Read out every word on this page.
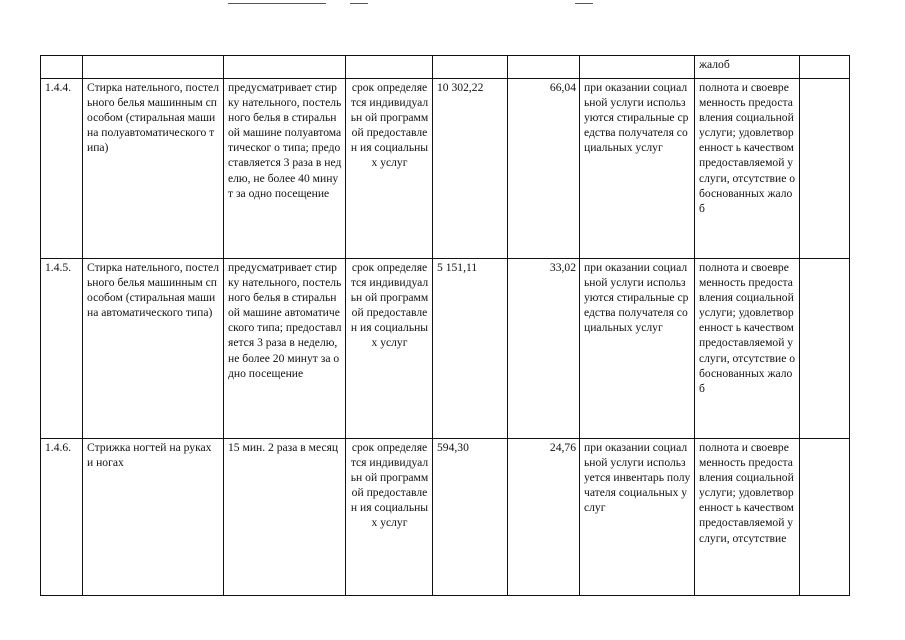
							жалоб	
1.4.4.	Стирка нательного, постельного белья машинным способом (стиральная машина полуавтоматического типа)	предусматривает стирку нательного, постельного белья в стиральной машине полуавтоматическог о типа; предоставляется 3 раза в неделю, не более 40 минут за одно посещение	срок определяется индивидуальн ой программой предоставлен ия социальных услуг	10 302,22	66,04	при оказании социальной услуги используются стиральные средства получателя социальных услуг	полнота и своевременность предоставления социальной услуги; удовлетворенност ь качеством предоставляемой услуги, отсутствие обоснованных жалоб	
1.4.5.	Стирка нательного, постельного белья машинным способом (стиральная машина автоматического типа)	предусматривает стирку нательного, постельного белья в стиральной машине автоматического типа; предоставляется 3 раза в неделю, не более 20 минут за одно посещение	срок определяется индивидуальн ой программой предоставлен ия социальных услуг	5 151,11	33,02	при оказании социальной услуги используются стиральные средства получателя социальных услуг	полнота и своевременность предоставления социальной услуги; удовлетворенност ь качеством предоставляемой услуги, отсутствие обоснованных жалоб	
1.4.6.	Стрижка ногтей на руках и ногах	15 мин. 2 раза в месяц	срок определяется индивидуальн ой программой предоставлен ия социальных услуг	594,30	24,76	при оказании социальной услуги используется инвентарь получателя социальных услуг	полнота и своевременность предоставления социальной услуги; удовлетворенност ь качеством предоставляемой услуги, отсутствие	
